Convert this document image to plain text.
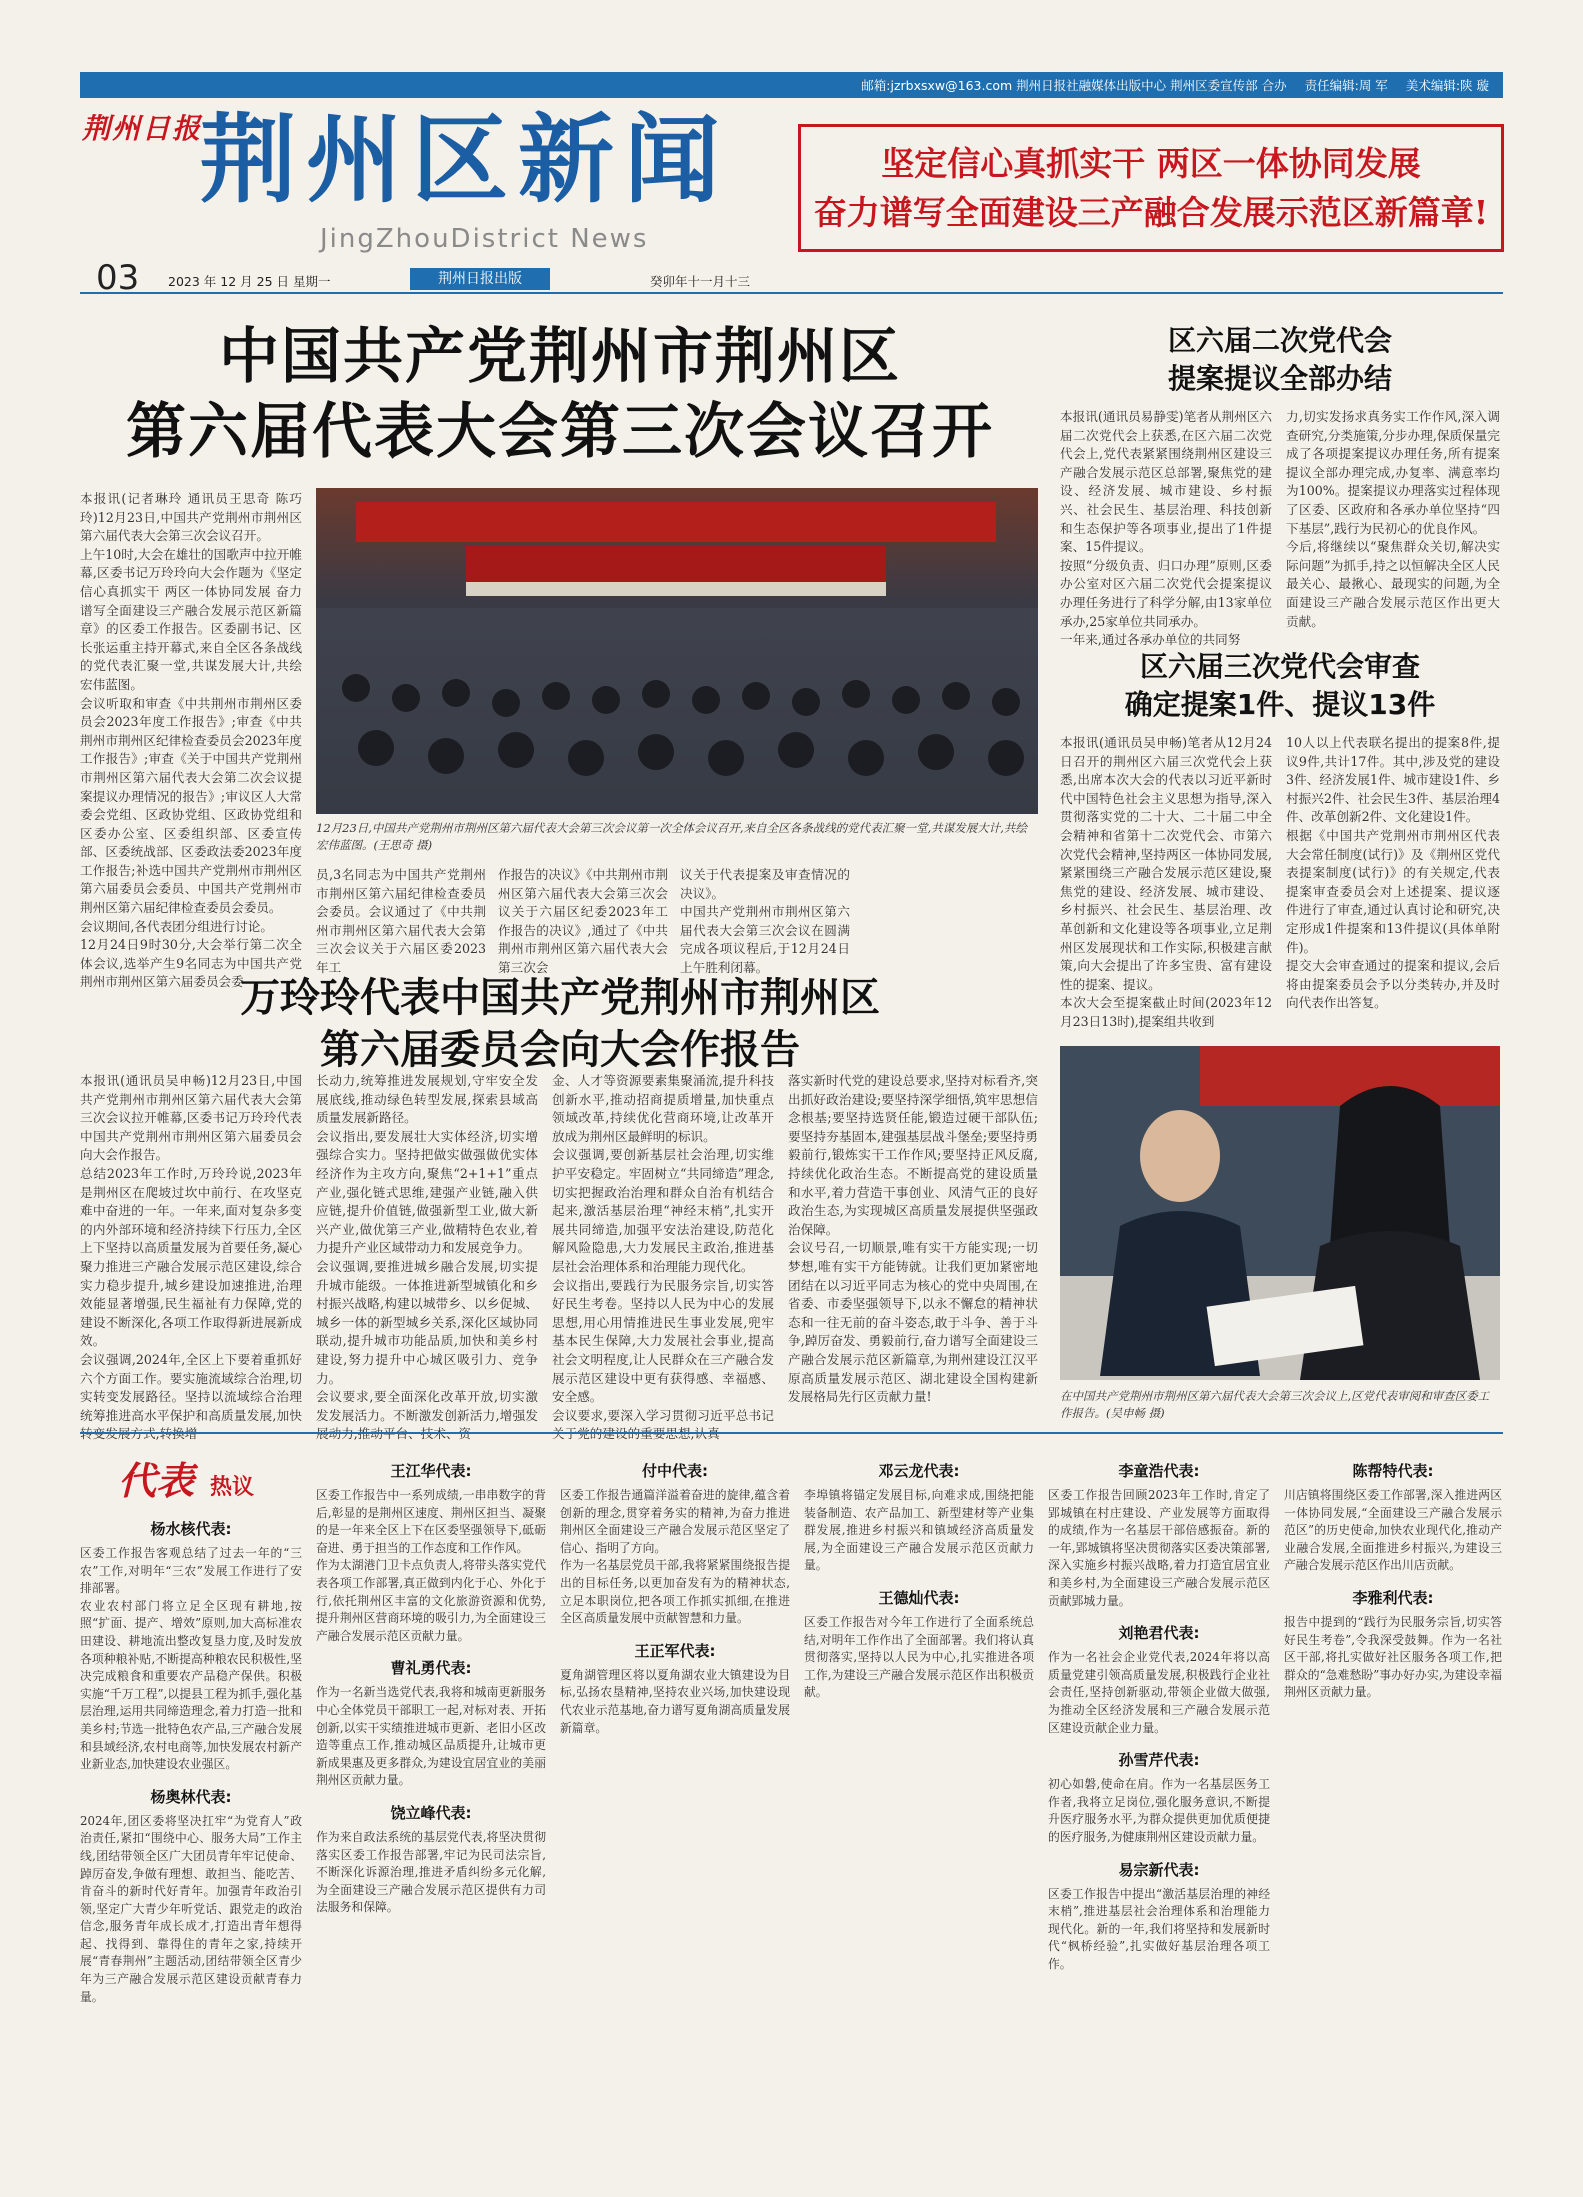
邮箱:jzrbxsxw@163.com 荆州日报社融媒体出版中心 荆州区委宣传部 合办 责任编辑:周 军 美术编辑:陕 璇
荆州日报
荆州区新闻
JingZhouDistrict News
坚定信心真抓实干 两区一体协同发展
奋力谱写全面建设三产融合发展示范区新篇章!
03 2023 年 12 月 25 日 星期一	荆州日报出版	癸卯年十一月十三
中国共产党荆州市荆州区
第六届代表大会第三次会议召开
本报讯(记者琳玲 通讯员王思奇 陈巧玲)12月23日,中国共产党荆州市荆州区第六届代表大会第三次会议召开。
上午10时,大会在雄壮的国歌声中拉开帷幕,区委书记万玲玲向大会作题为《坚定信心真抓实干 两区一体协同发展 奋力谱写全面建设三产融合发展示范区新篇章》的区委工作报告。区委副书记、区长张运重主持开幕式,来自全区各条战线的党代表汇聚一堂,共谋发展大计,共绘宏伟蓝图。
会议听取和审查《中共荆州市荆州区委员会2023年度工作报告》;审查《中共荆州市荆州区纪律检查委员会2023年度工作报告》;审查《关于中国共产党荆州市荆州区第六届代表大会第二次会议提案提议办理情况的报告》;审议区人大常委会党组、区政协党组、区政协党组和区委办公室、区委组织部、区委宣传部、区委统战部、区委政法委2023年度工作报告;补选中国共产党荆州市荆州区第六届委员会委员、中国共产党荆州市荆州区第六届纪律检查委员会委员。
会议期间,各代表团分组进行讨论。
12月24日9时30分,大会举行第二次全体会议,选举产生9名同志为中国共产党荆州市荆州区第六届委员会委
12月23日,中国共产党荆州市荆州区第六届代表大会第三次会议第一次全体会议召开,来自全区各条战线的党代表汇聚一堂,共谋发展大计,共绘宏伟蓝图。(王思奇 摄)
员,3名同志为中国共产党荆州市荆州区第六届纪律检查委员会委员。会议通过了《中共荆州市荆州区第六届代表大会第三次会议关于六届区委2023年工
作报告的决议》《中共荆州市荆州区第六届代表大会第三次会议关于六届区纪委2023年工作报告的决议》,通过了《中共荆州市荆州区第六届代表大会第三次会
议关于代表提案及审查情况的决议》。
中国共产党荆州市荆州区第六届代表大会第三次会议在圆满完成各项议程后,于12月24日上午胜利闭幕。
区六届二次党代会
提案提议全部办结
本报讯(通讯员易静雯)笔者从荆州区六届二次党代会上获悉,在区六届二次党代会上,党代表紧紧围绕荆州区建设三产融合发展示范区总部署,聚焦党的建设、经济发展、城市建设、乡村振兴、社会民生、基层治理、科技创新和生态保护等各项事业,提出了1件提案、15件提议。
按照“分级负责、归口办理”原则,区委办公室对区六届二次党代会提案提议办理任务进行了科学分解,由13家单位承办,25家单位共同承办。
一年来,通过各承办单位的共同努
力,切实发扬求真务实工作作风,深入调查研究,分类施策,分步办理,保质保量完成了各项提案提议办理任务,所有提案提议全部办理完成,办复率、满意率均为100%。提案提议办理落实过程体现了区委、区政府和各承办单位坚持“四下基层”,践行为民初心的优良作风。
今后,将继续以“聚焦群众关切,解决实际问题”为抓手,持之以恒解决全区人民最关心、最揪心、最现实的问题,为全面建设三产融合发展示范区作出更大贡献。
区六届三次党代会审查
确定提案1件、提议13件
本报讯(通讯员吴申畅)笔者从12月24日召开的荆州区六届三次党代会上获悉,出席本次大会的代表以习近平新时代中国特色社会主义思想为指导,深入贯彻落实党的二十大、二十届二中全会精神和省第十二次党代会、市第六次党代会精神,坚持两区一体协同发展,紧紧围绕三产融合发展示范区建设,聚焦党的建设、经济发展、城市建设、乡村振兴、社会民生、基层治理、改革创新和文化建设等各项事业,立足荆州区发展现状和工作实际,积极建言献策,向大会提出了许多宝贵、富有建设性的提案、提议。
本次大会至提案截止时间(2023年12月23日13时),提案组共收到
10人以上代表联名提出的提案8件,提议9件,共计17件。其中,涉及党的建设3件、经济发展1件、城市建设1件、乡村振兴2件、社会民生3件、基层治理4件、改革创新2件、文化建设1件。
根据《中国共产党荆州市荆州区代表大会常任制度(试行)》及《荆州区党代表提案制度(试行)》的有关规定,代表提案审查委员会对上述提案、提议逐件进行了审查,通过认真讨论和研究,决定形成1件提案和13件提议(具体单附件)。
提交大会审查通过的提案和提议,会后将由提案委员会予以分类转办,并及时向代表作出答复。
万玲玲代表中国共产党荆州市荆州区
第六届委员会向大会作报告
本报讯(通讯员吴申畅)12月23日,中国共产党荆州市荆州区第六届代表大会第三次会议拉开帷幕,区委书记万玲玲代表中国共产党荆州市荆州区第六届委员会向大会作报告。
总结2023年工作时,万玲玲说,2023年是荆州区在爬坡过坎中前行、在攻坚克难中奋进的一年。一年来,面对复杂多变的内外部环境和经济持续下行压力,全区上下坚持以高质量发展为首要任务,凝心聚力推进三产融合发展示范区建设,综合实力稳步提升,城乡建设加速推进,治理效能显著增强,民生福祉有力保障,党的建设不断深化,各项工作取得新进展新成效。
会议强调,2024年,全区上下要着重抓好六个方面工作。要实施流域综合治理,切实转变发展路径。坚持以流域综合治理统筹推进高水平保护和高质量发展,加快
长动力,统筹推进发展规划,守牢安全发展底线,推动绿色转型发展,探索县域高质量发展新路径。
会议指出,要发展壮大实体经济,切实增强综合实力。坚持把做实做强做优实体经济作为主攻方向,聚焦“2+1+1”重点产业,强化链式思维,建强产业链,融入供应链,提升价值链,做强新型工业,做大新兴产业,做优第三产业,做精特色农业,着力提升产业区域带动力和发展竞争力。
会议强调,要推进城乡融合发展,切实提升城市能级。一体推进新型城镇化和乡村振兴战略,构建以城带乡、以乡促城、城乡一体的新型城乡关系,深化区域协同联动,提升城市功能品质,加快和美乡村建设,努力提升中心城区吸引力、竞争力。
会议要求,要全面深化改革开放,切实激发发展活力。不断激发创新活力,增强发
金、人才等资源要素集聚涌流,提升科技创新水平,推动招商提质增量,加快重点领域改革,持续优化营商环境,让改革开放成为荆州区最鲜明的标识。
会议强调,要创新基层社会治理,切实维护平安稳定。牢固树立“共同缔造”理念,切实把握政治治理和群众自治有机结合起来,激活基层治理“神经末梢”,扎实开展共同缔造,加强平安法治建设,防范化解风险隐患,大力发展民主政治,推进基层社会治理体系和治理能力现代化。
会议指出,要践行为民服务宗旨,切实答好民生考卷。坚持以人民为中心的发展思想,用心用情推进民生事业发展,兜牢基本民生保障,大力发展社会事业,提高社会文明程度,让人民群众在三产融合发展示范区建设中更有获得感、幸福感、安全感。
会议要求,要深入学习贯彻习近平总书记
落实新时代党的建设总要求,坚持对标看齐,突出抓好政治建设;要坚持深学细悟,筑牢思想信念根基;要坚持选贤任能,锻造过硬干部队伍;要坚持夯基固本,建强基层战斗堡垒;要坚持勇毅前行,锻炼实干工作作风;要坚持正风反腐,持续优化政治生态。不断提高党的建设质量和水平,着力营造干事创业、风清气正的良好政治生态,为实现城区高质量发展提供坚强政治保障。
会议号召,一切顺景,唯有实干方能实现;一切梦想,唯有实干方能铸就。让我们更加紧密地团结在以习近平同志为核心的党中央周围,在省委、市委坚强领导下,以永不懈怠的精神状态和一往无前的奋斗姿态,敢于斗争、善于斗争,踔厉奋发、勇毅前行,奋力谱写全面建设三产融合发展示范区新篇章,为荆州建设江汉平原高质量发展示范区、湖北建设全国构建新发展格局先行区贡献力量!	在中国共产党荆州市荆州区第六届代表大会第三次会议上,区党代表审阅和审查区委工作报告。(吴申畅 摄)
代表 热议
杨水核代表:
区委工作报告客观总结了过去一年的“三农”工作,对明年“三农”发展工作进行了安排部署。
农业农村部门将立足全区现有耕地,按照“扩面、提产、增效”原则,加大高标准农田建设、耕地流出整改复垦力度,及时发放各项种粮补贴,不断提高种粮农民积极性,坚决完成粮食和重要农产品稳产保供。积极实施“千万工程”,以提县工程为抓手,强化基层治理,运用共同缔造理念,着力打造一批和美乡村;节选一批特色农产品,三产融合发展和县域经济,农村电商等,加快发展农村新产业新业态,加快建设农业强区。
杨奥林代表:
2024年,团区委将坚决扛牢“为党育人”政治责任,紧扣“围绕中心、服务大局”工作主线,团结带领全区广大团员青年牢记使命、踔厉奋发,争做有理想、敢担当、能吃苦、肯奋斗的新时代好青年。加强青年政治引领,坚定广大青少年听党话、跟党走的政治信念,服务青年成长成才,打造出青年想得起、找得到、靠得住的青年之家,持续开展“青春荆州”主题活动,团结带领全区青少年为三产融合发展示范区建设贡献青春力量。
王江华代表:
区委工作报告中一系列成绩,一串串数字的背后,彰显的是荆州区速度、荆州区担当、凝聚的是一年来全区上下在区委坚强领导下,砥砺奋进、勇于担当的工作态度和工作作风。
作为太湖港门卫卡点负责人,将带头落实党代表各项工作部署,真正做到内化于心、外化于行,依托荆州区丰富的文化旅游资源和优势,提升荆州区营商环境的吸引力,为全面建设三产融合发展示范区贡献力量。
曹礼勇代表:
作为一名新当选党代表,我将和城南更新服务中心全体党员干部职工一起,对标对表、开拓创新,以实干实绩推进城市更新、老旧小区改造等重点工作,推动城区品质提升,让城市更新成果惠及更多群众,为建设宜居宜业的美丽荆州区贡献力量。
饶立峰代表:
作为来自政法系统的基层党代表,将坚决贯彻落实区委工作报告部署,牢记为民司法宗旨,不断深化诉源治理,推进矛盾纠纷多元化解,为全面建设三产融合发展示范区提供有力司法服务和保障。
付中代表:
区委工作报告通篇洋溢着奋进的旋律,蕴含着创新的理念,贯穿着务实的精神,为奋力推进荆州区全面建设三产融合发展示范区坚定了信心、指明了方向。
作为一名基层党员干部,我将紧紧围绕报告提出的目标任务,以更加奋发有为的精神状态,立足本职岗位,把各项工作抓实抓细,在推进全区高质量发展中贡献智慧和力量。
王正军代表:
夏角湖管理区将以夏角湖农业大镇建设为目标,弘扬农垦精神,坚持农业兴场,加快建设现代农业示范基地,奋力谱写夏角湖高质量发展新篇章。
邓云龙代表:
李埠镇将锚定发展目标,向难求成,围绕把能装备制造、农产品加工、新型建材等产业集群发展,推进乡村振兴和镇域经济高质量发展,为全面建设三产融合发展示范区贡献力量。
王德灿代表:
区委工作报告对今年工作进行了全面系统总结,对明年工作作出了全面部署。我们将认真贯彻落实,坚持以人民为中心,扎实推进各项工作,为建设三产融合发展示范区作出积极贡献。
李童浩代表:
区委工作报告回顾2023年工作时,肯定了郢城镇在村庄建设、产业发展等方面取得的成绩,作为一名基层干部倍感振奋。新的一年,郢城镇将坚决贯彻落实区委决策部署,深入实施乡村振兴战略,着力打造宜居宜业和美乡村,为全面建设三产融合发展示范区贡献郢城力量。
刘艳君代表:
作为一名社会企业党代表,2024年将以高质量党建引领高质量发展,积极践行企业社会责任,坚持创新驱动,带领企业做大做强,为推动全区经济发展和三产融合发展示范区建设贡献企业力量。
孙雪芹代表:
初心如磐,使命在肩。作为一名基层医务工作者,我将立足岗位,强化服务意识,不断提升医疗服务水平,为群众提供更加优质便捷的医疗服务,为健康荆州区建设贡献力量。
易宗新代表:
区委工作报告中提出“激活基层治理的神经末梢”,推进基层社会治理体系和治理能力现代化。新的一年,我们将坚持和发展新时代“枫桥经验”,扎实做好基层治理各项工作。
陈帮特代表:
川店镇将围绕区委工作部署,深入推进两区一体协同发展,“全面建设三产融合发展示范区”的历史使命,加快农业现代化,推动产业融合发展,全面推进乡村振兴,为建设三产融合发展示范区作出川店贡献。
李雅利代表:
报告中提到的“践行为民服务宗旨,切实答好民生考卷”,令我深受鼓舞。作为一名社区干部,将扎实做好社区服务各项工作,把群众的“急难愁盼”事办好办实,为建设幸福荆州区贡献力量。
